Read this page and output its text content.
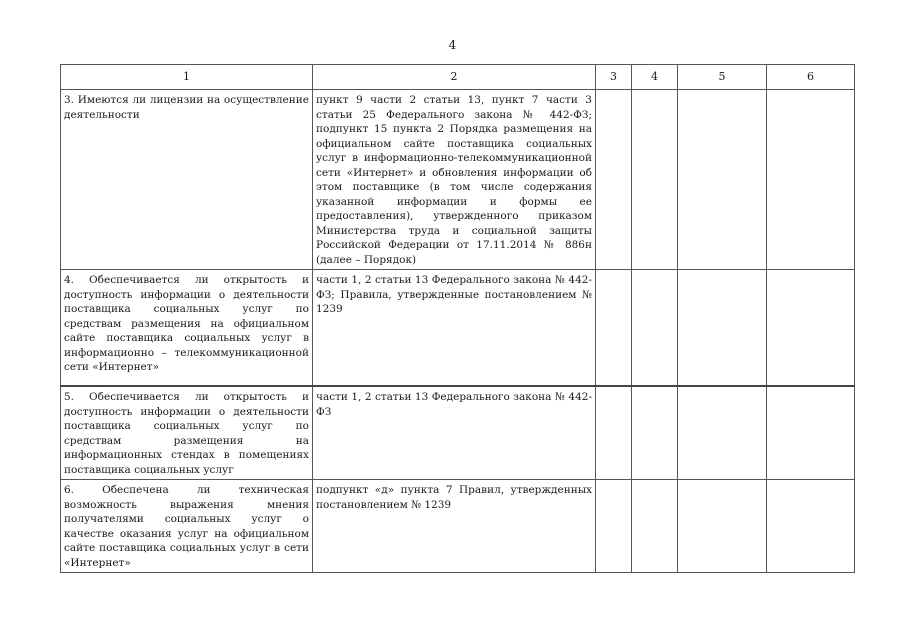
4
1	2	3	4	5	6

3. Имеются ли лицензии на осуществление деятельности	пункт 9 части 2 статьи 13, пункт 7 части 3 статьи 25 Федерального закона № 442-ФЗ; подпункт 15 пункта 2 Порядка размещения на официальном сайте поставщика социальных услуг в информационно-телекоммуникационной сети «Интернет» и обновления информации об этом поставщике (в том числе содержания указанной информации и формы ее предоставления), утвержденного приказом Министерства труда и социальной защиты Российской Федерации от 17.11.2014 № 886н (далее – Порядок)				

4. Обеспечивается ли открытость и доступность информации о деятельности поставщика социальных услуг по средствам размещения на официальном сайте поставщика социальных услуг в информационно – телекоммуникационной сети «Интернет»	части 1, 2 статьи 13 Федерального закона № 442-ФЗ; Правила, утвержденные постановлением № 1239				

5. Обеспечивается ли открытость и доступность информации о деятельности поставщика социальных услуг по средствам размещения на информационных стендах в помещениях поставщика социальных услуг	части 1, 2 статьи 13 Федерального закона № 442-ФЗ				

6. Обеспечена ли техническая возможность выражения мнения получателями социальных услуг о качестве оказания услуг на официальном сайте поставщика социальных услуг в сети «Интернет»	подпункт «д» пункта 7 Правил, утвержденных постановлением № 1239				
